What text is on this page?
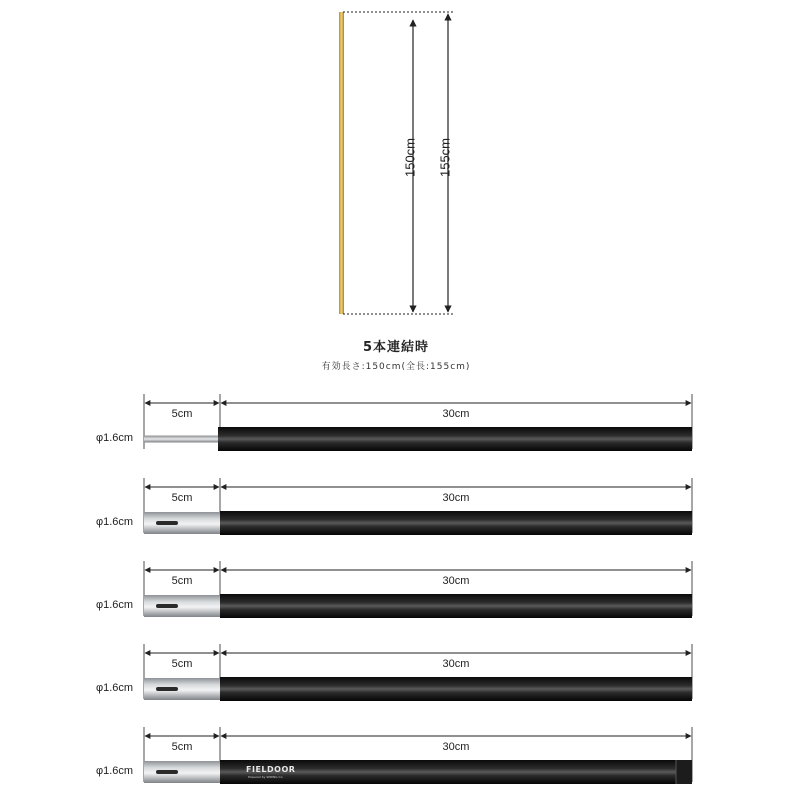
150cm 155cm
5本連結時
有効長さ:150cm(全長:155cm)
5cm	30cm
φ1.6cm
5cm	30cm
φ1.6cm
5cm	30cm
φ1.6cm
5cm	30cm
φ1.6cm
5cm	30cm
φ1.6cm	FIELDOOR
Powered by SPRING Co.
